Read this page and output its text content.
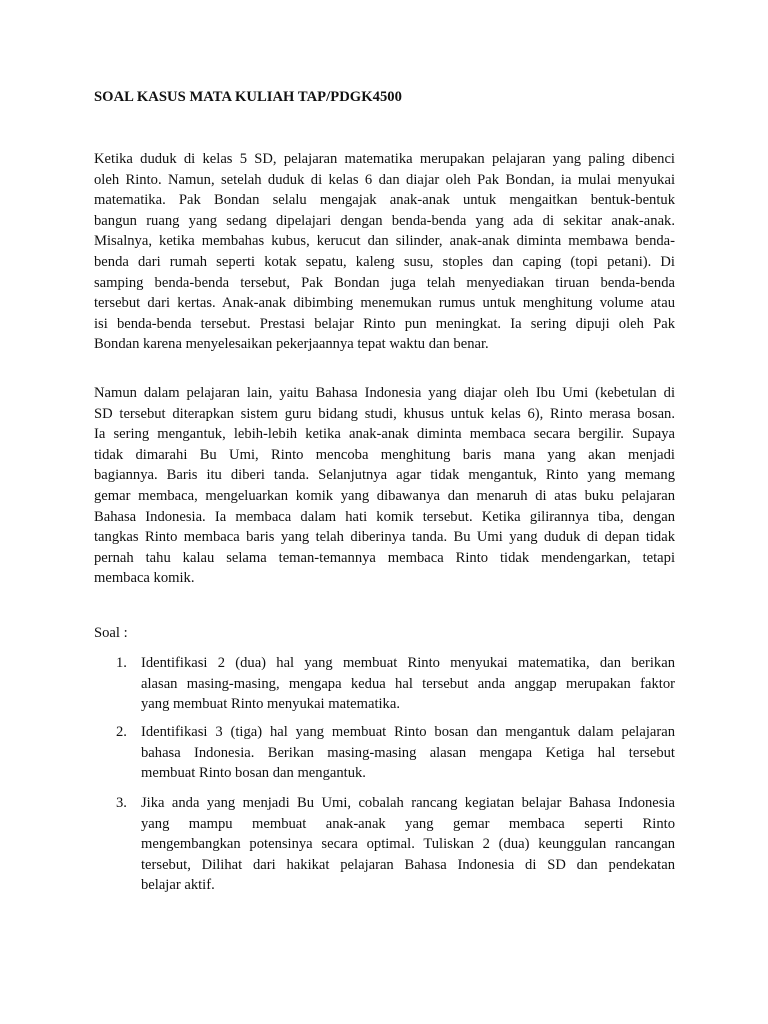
SOAL KASUS MATA KULIAH TAP/PDGK4500
Ketika duduk di kelas 5 SD, pelajaran matematika merupakan pelajaran yang paling dibenci
oleh Rinto. Namun, setelah duduk di kelas 6 dan diajar oleh Pak Bondan, ia mulai menyukai
matematika. Pak Bondan selalu mengajak anak-anak untuk mengaitkan bentuk-bentuk
bangun ruang yang sedang dipelajari dengan benda-benda yang ada di sekitar anak-anak.
Misalnya, ketika membahas kubus, kerucut dan silinder, anak-anak diminta membawa benda-
benda dari rumah seperti kotak sepatu, kaleng susu, stoples dan caping (topi petani). Di
samping benda-benda tersebut, Pak Bondan juga telah menyediakan tiruan benda-benda
tersebut dari kertas. Anak-anak dibimbing menemukan rumus untuk menghitung volume atau
isi benda-benda tersebut. Prestasi belajar Rinto pun meningkat. Ia sering dipuji oleh Pak
Bondan karena menyelesaikan pekerjaannya tepat waktu dan benar.
Namun dalam pelajaran lain, yaitu Bahasa Indonesia yang diajar oleh Ibu Umi (kebetulan di
SD tersebut diterapkan sistem guru bidang studi, khusus untuk kelas 6), Rinto merasa bosan.
Ia sering mengantuk, lebih-lebih ketika anak-anak diminta membaca secara bergilir. Supaya
tidak dimarahi Bu Umi, Rinto mencoba menghitung baris mana yang akan menjadi
bagiannya. Baris itu diberi tanda. Selanjutnya agar tidak mengantuk, Rinto yang memang
gemar membaca, mengeluarkan komik yang dibawanya dan menaruh di atas buku pelajaran
Bahasa Indonesia. Ia membaca dalam hati komik tersebut. Ketika gilirannya tiba, dengan
tangkas Rinto membaca baris yang telah diberinya tanda. Bu Umi yang duduk di depan tidak
pernah tahu kalau selama teman-temannya membaca Rinto tidak mendengarkan, tetapi
membaca komik.
Soal :
1. Identifikasi 2 (dua) hal yang membuat Rinto menyukai matematika, dan berikan
alasan masing-masing, mengapa kedua hal tersebut anda anggap merupakan faktor
yang membuat Rinto menyukai matematika.
2. Identifikasi 3 (tiga) hal yang membuat Rinto bosan dan mengantuk dalam pelajaran
bahasa Indonesia. Berikan masing-masing alasan mengapa Ketiga hal tersebut
membuat Rinto bosan dan mengantuk.
3. Jika anda yang menjadi Bu Umi, cobalah rancang kegiatan belajar Bahasa Indonesia
yang mampu membuat anak-anak yang gemar membaca seperti Rinto
mengembangkan potensinya secara optimal. Tuliskan 2 (dua) keunggulan rancangan
tersebut, Dilihat dari hakikat pelajaran Bahasa Indonesia di SD dan pendekatan
belajar aktif.
